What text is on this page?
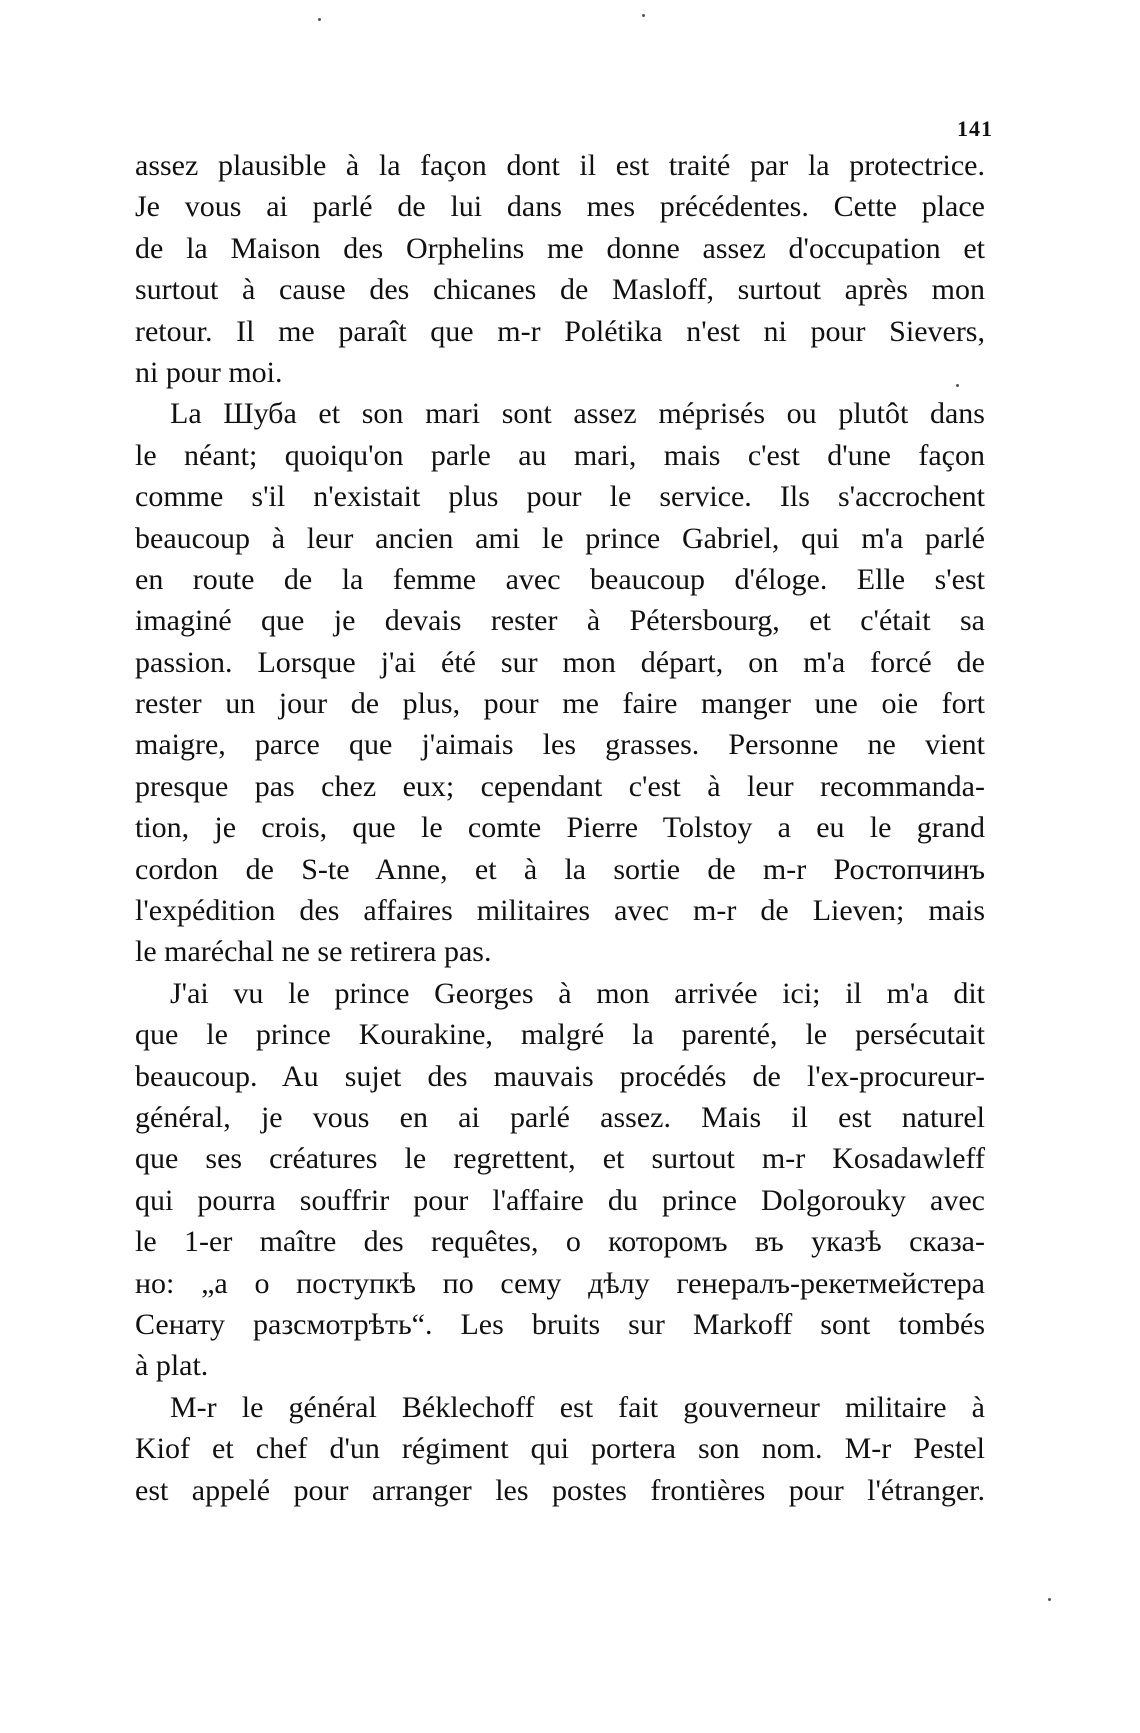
141
assez plausible à la façon dont il est traité par la protectrice.
Je vous ai parlé de lui dans mes précédentes. Cette place
de la Maison des Orphelins me donne assez d'occupation et
surtout à cause des chicanes de Masloff, surtout après mon
retour. Il me paraît que m-r Polétika n'est ni pour Sievers,
ni pour moi.
La Шуба et son mari sont assez méprisés ou plutôt dans
le néant; quoiqu'on parle au mari, mais c'est d'une façon
comme s'il n'existait plus pour le service. Ils s'accrochent
beaucoup à leur ancien ami le prince Gabriel, qui m'a parlé
en route de la femme avec beaucoup d'éloge. Elle s'est
imaginé que je devais rester à Pétersbourg, et c'était sa
passion. Lorsque j'ai été sur mon départ, on m'a forcé de
rester un jour de plus, pour me faire manger une oie fort
maigre, parce que j'aimais les grasses. Personne ne vient
presque pas chez eux; cependant c'est à leur recommanda-
tion, je crois, que le comte Pierre Tolstoy a eu le grand
cordon de S-te Anne, et à la sortie de m-r Ростопчинъ
l'expédition des affaires militaires avec m-r de Lieven; mais
le maréchal ne se retirera pas.
J'ai vu le prince Georges à mon arrivée ici; il m'a dit
que le prince Kourakine, malgré la parenté, le persécutait
beaucoup. Au sujet des mauvais procédés de l'ex-procureur-
général, je vous en ai parlé assez. Mais il est naturel
que ses créatures le regrettent, et surtout m-r Kosadawleff
qui pourra souffrir pour l'affaire du prince Dolgorouky avec
le 1-er maître des requêtes, о которомъ въ указѣ сказа-
но: „а о поступкѣ по сему дѣлу генералъ-рекетмейстера
Сенату разсмотрѣть“. Les bruits sur Markoff sont tombés
à plat.
M-r le général Béklechoff est fait gouverneur militaire à
Kiof et chef d'un régiment qui portera son nom. M-r Pestel
est appelé pour arranger les postes frontières pour l'étranger.
